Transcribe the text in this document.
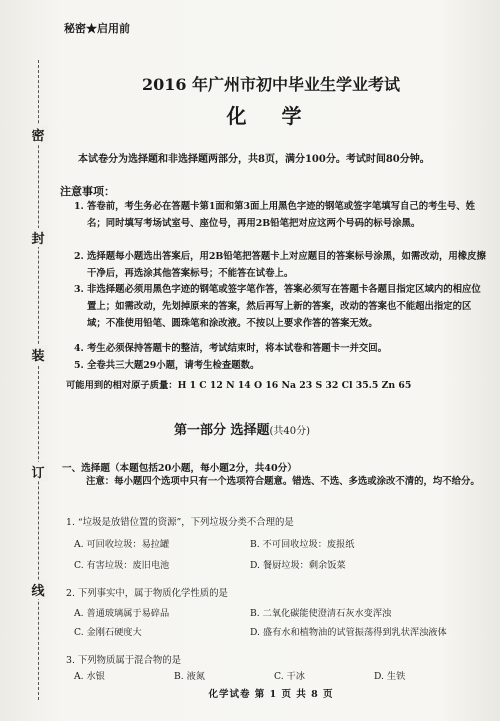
密
封
装
订
线
秘密★启用前
2016 年广州市初中毕业生学业考试
化 学
本试卷分为选择题和非选择题两部分，共8页，满分100分。考试时间80分钟。
注意事项：
1. 答卷前，考生务必在答题卡第1面和第3面上用黑色字迹的钢笔或签字笔填写自己的考生号、姓名；同时填写考场试室号、座位号，再用2B铅笔把对应这两个号码的标号涂黑。
2. 选择题每小题选出答案后，用2B铅笔把答题卡上对应题目的答案标号涂黑，如需改动，用橡皮擦干净后，再选涂其他答案标号；不能答在试卷上。
3. 非选择题必须用黑色字迹的钢笔或签字笔作答，答案必须写在答题卡各题目指定区域内的相应位置上；如需改动，先划掉原来的答案，然后再写上新的答案，改动的答案也不能超出指定的区域；不准使用铅笔、圆珠笔和涂改液。不按以上要求作答的答案无效。
4. 考生必须保持答题卡的整洁，考试结束时，将本试卷和答题卡一并交回。
5. 全卷共三大题29小题，请考生检查题数。
可能用到的相对原子质量：H 1 C 12 N 14 O 16 Na 23 S 32 Cl 35.5 Zn 65
第一部分 选择题(共40分)
一、选择题（本题包括20小题，每小题2分，共40分）
注意：每小题四个选项中只有一个选项符合题意。错选、不选、多选或涂改不清的，均不给分。
1. “垃圾是放错位置的资源”，下列垃圾分类不合理的是
A. 可回收垃圾：易拉罐	B. 不可回收垃圾：废报纸
C. 有害垃圾：废旧电池	D. 餐厨垃圾：剩余饭菜
2. 下列事实中，属于物质化学性质的是
A. 普通玻璃属于易碎品	B. 二氧化碳能使澄清石灰水变浑浊
C. 金刚石硬度大	D. 盛有水和植物油的试管振荡得到乳状浑浊液体
3. 下列物质属于混合物的是
A. 水银	B. 液氮	C. 干冰	D. 生铁
化学试卷 第 1 页 共 8 页
